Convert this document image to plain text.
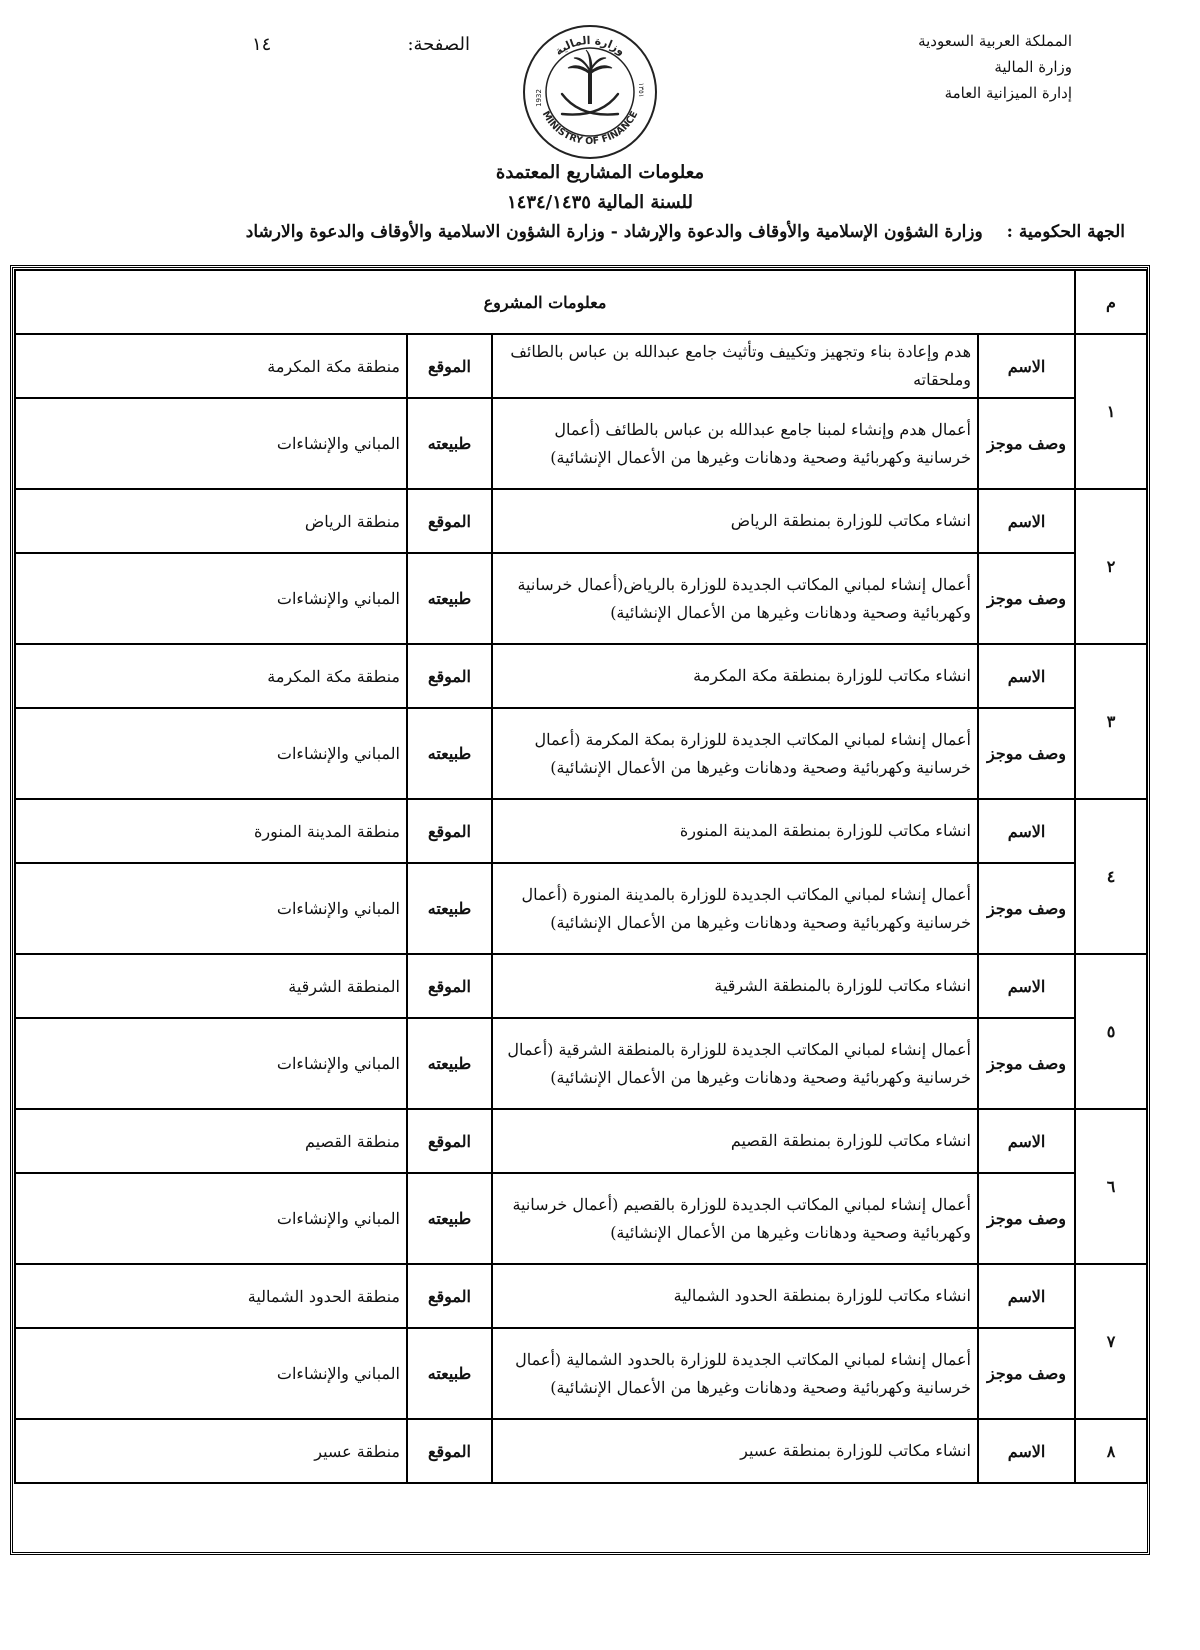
المملكة العربية السعودية
وزارة المالية
إدارة الميزانية العامة
الصفحة:
١٤	وزارة المالية
MINISTRY OF FINANCE
1932	١٣٥١
معلومات المشاريع المعتمدة
للسنة المالية ١٤٣٤/١٤٣٥
الجهة الحكومية : وزارة الشؤون الإسلامية والأوقاف والدعوة والإرشاد - وزارة الشؤون الاسلامية والأوقاف والدعوة والارشاد
م	معلومات المشروع			
١	الاسم	هدم وإعادة بناء وتجهيز وتكييف وتأثيث جامع عبدالله بن عباس بالطائف وملحقاته	الموقع	منطقة مكة المكرمة
	وصف موجز	أعمال هدم وإنشاء لمبنا جامع عبدالله بن عباس بالطائف (أعمال خرسانية وكهربائية وصحية ودهانات وغيرها من الأعمال الإنشائية)	طبيعته	المباني والإنشاءات
٢	الاسم	انشاء مكاتب للوزارة بمنطقة الرياض	الموقع	منطقة الرياض
	وصف موجز	أعمال إنشاء لمباني المكاتب الجديدة للوزارة بالرياض(أعمال خرسانية وكهربائية وصحية ودهانات وغيرها من الأعمال الإنشائية)	طبيعته	المباني والإنشاءات
٣	الاسم	انشاء مكاتب للوزارة بمنطقة مكة المكرمة	الموقع	منطقة مكة المكرمة
	وصف موجز	أعمال إنشاء لمباني المكاتب الجديدة للوزارة بمكة المكرمة (أعمال خرسانية وكهربائية وصحية ودهانات وغيرها من الأعمال الإنشائية)	طبيعته	المباني والإنشاءات
٤	الاسم	انشاء مكاتب للوزارة بمنطقة المدينة المنورة	الموقع	منطقة المدينة المنورة
	وصف موجز	أعمال إنشاء لمباني المكاتب الجديدة للوزارة بالمدينة المنورة (أعمال خرسانية وكهربائية وصحية ودهانات وغيرها من الأعمال الإنشائية)	طبيعته	المباني والإنشاءات
٥	الاسم	انشاء مكاتب للوزارة بالمنطقة الشرقية	الموقع	المنطقة الشرقية
	وصف موجز	أعمال إنشاء لمباني المكاتب الجديدة للوزارة بالمنطقة الشرقية (أعمال خرسانية وكهربائية وصحية ودهانات وغيرها من الأعمال الإنشائية)	طبيعته	المباني والإنشاءات
٦	الاسم	انشاء مكاتب للوزارة بمنطقة القصيم	الموقع	منطقة القصيم
	وصف موجز	أعمال إنشاء لمباني المكاتب الجديدة للوزارة بالقصيم (أعمال خرسانية وكهربائية وصحية ودهانات وغيرها من الأعمال الإنشائية)	طبيعته	المباني والإنشاءات
٧	الاسم	انشاء مكاتب للوزارة بمنطقة الحدود الشمالية	الموقع	منطقة الحدود الشمالية
	وصف موجز	أعمال إنشاء لمباني المكاتب الجديدة للوزارة بالحدود الشمالية (أعمال خرسانية وكهربائية وصحية ودهانات وغيرها من الأعمال الإنشائية)	طبيعته	المباني والإنشاءات
٨	الاسم	انشاء مكاتب للوزارة بمنطقة عسير	الموقع	منطقة عسير
